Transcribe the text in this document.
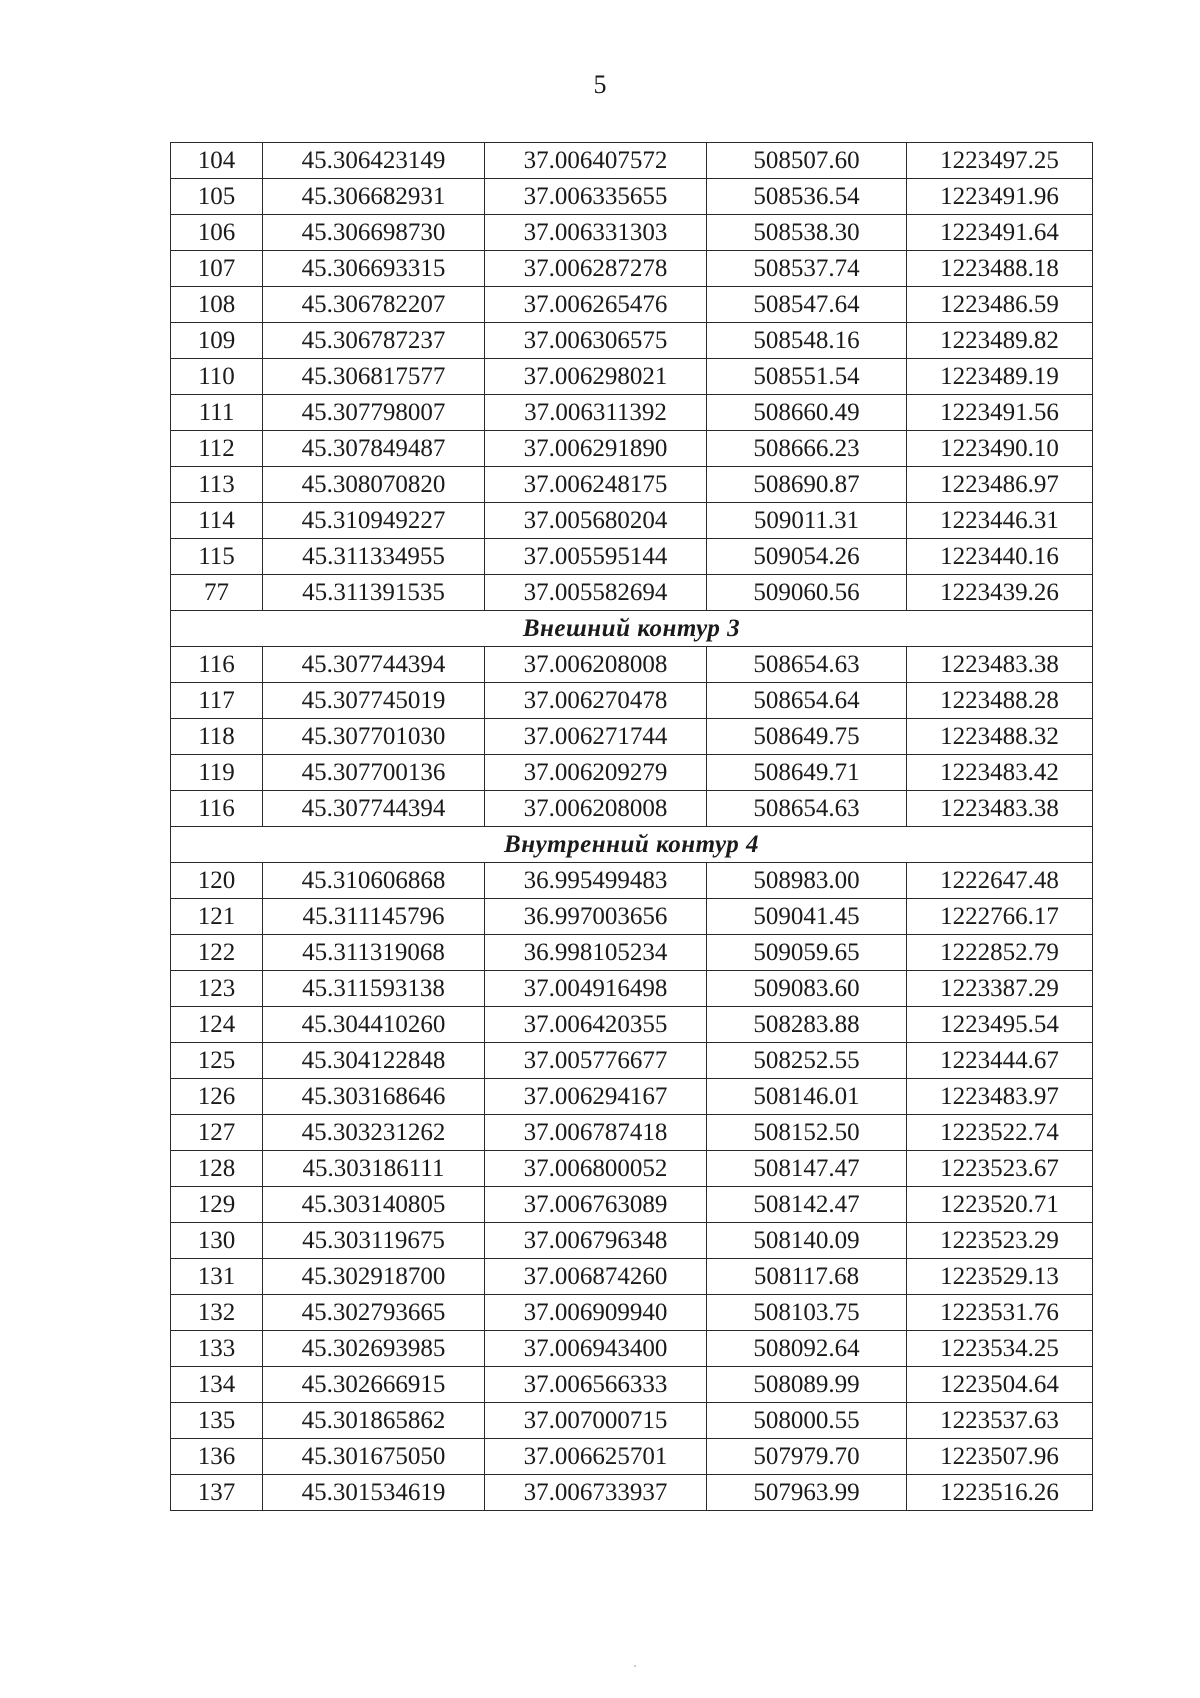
5
104	45.306423149	37.006407572	508507.60	1223497.25
105	45.306682931	37.006335655	508536.54	1223491.96
106	45.306698730	37.006331303	508538.30	1223491.64
107	45.306693315	37.006287278	508537.74	1223488.18
108	45.306782207	37.006265476	508547.64	1223486.59
109	45.306787237	37.006306575	508548.16	1223489.82
110	45.306817577	37.006298021	508551.54	1223489.19
111	45.307798007	37.006311392	508660.49	1223491.56
112	45.307849487	37.006291890	508666.23	1223490.10
113	45.308070820	37.006248175	508690.87	1223486.97
114	45.310949227	37.005680204	509011.31	1223446.31
115	45.311334955	37.005595144	509054.26	1223440.16
77	45.311391535	37.005582694	509060.56	1223439.26
Внешний контур 3				
116	45.307744394	37.006208008	508654.63	1223483.38
117	45.307745019	37.006270478	508654.64	1223488.28
118	45.307701030	37.006271744	508649.75	1223488.32
119	45.307700136	37.006209279	508649.71	1223483.42
116	45.307744394	37.006208008	508654.63	1223483.38
Внутренний контур 4				
120	45.310606868	36.995499483	508983.00	1222647.48
121	45.311145796	36.997003656	509041.45	1222766.17
122	45.311319068	36.998105234	509059.65	1222852.79
123	45.311593138	37.004916498	509083.60	1223387.29
124	45.304410260	37.006420355	508283.88	1223495.54
125	45.304122848	37.005776677	508252.55	1223444.67
126	45.303168646	37.006294167	508146.01	1223483.97
127	45.303231262	37.006787418	508152.50	1223522.74
128	45.303186111	37.006800052	508147.47	1223523.67
129	45.303140805	37.006763089	508142.47	1223520.71
130	45.303119675	37.006796348	508140.09	1223523.29
131	45.302918700	37.006874260	508117.68	1223529.13
132	45.302793665	37.006909940	508103.75	1223531.76
133	45.302693985	37.006943400	508092.64	1223534.25
134	45.302666915	37.006566333	508089.99	1223504.64
135	45.301865862	37.007000715	508000.55	1223537.63
136	45.301675050	37.006625701	507979.70	1223507.96
137	45.301534619	37.006733937	507963.99	1223516.26
